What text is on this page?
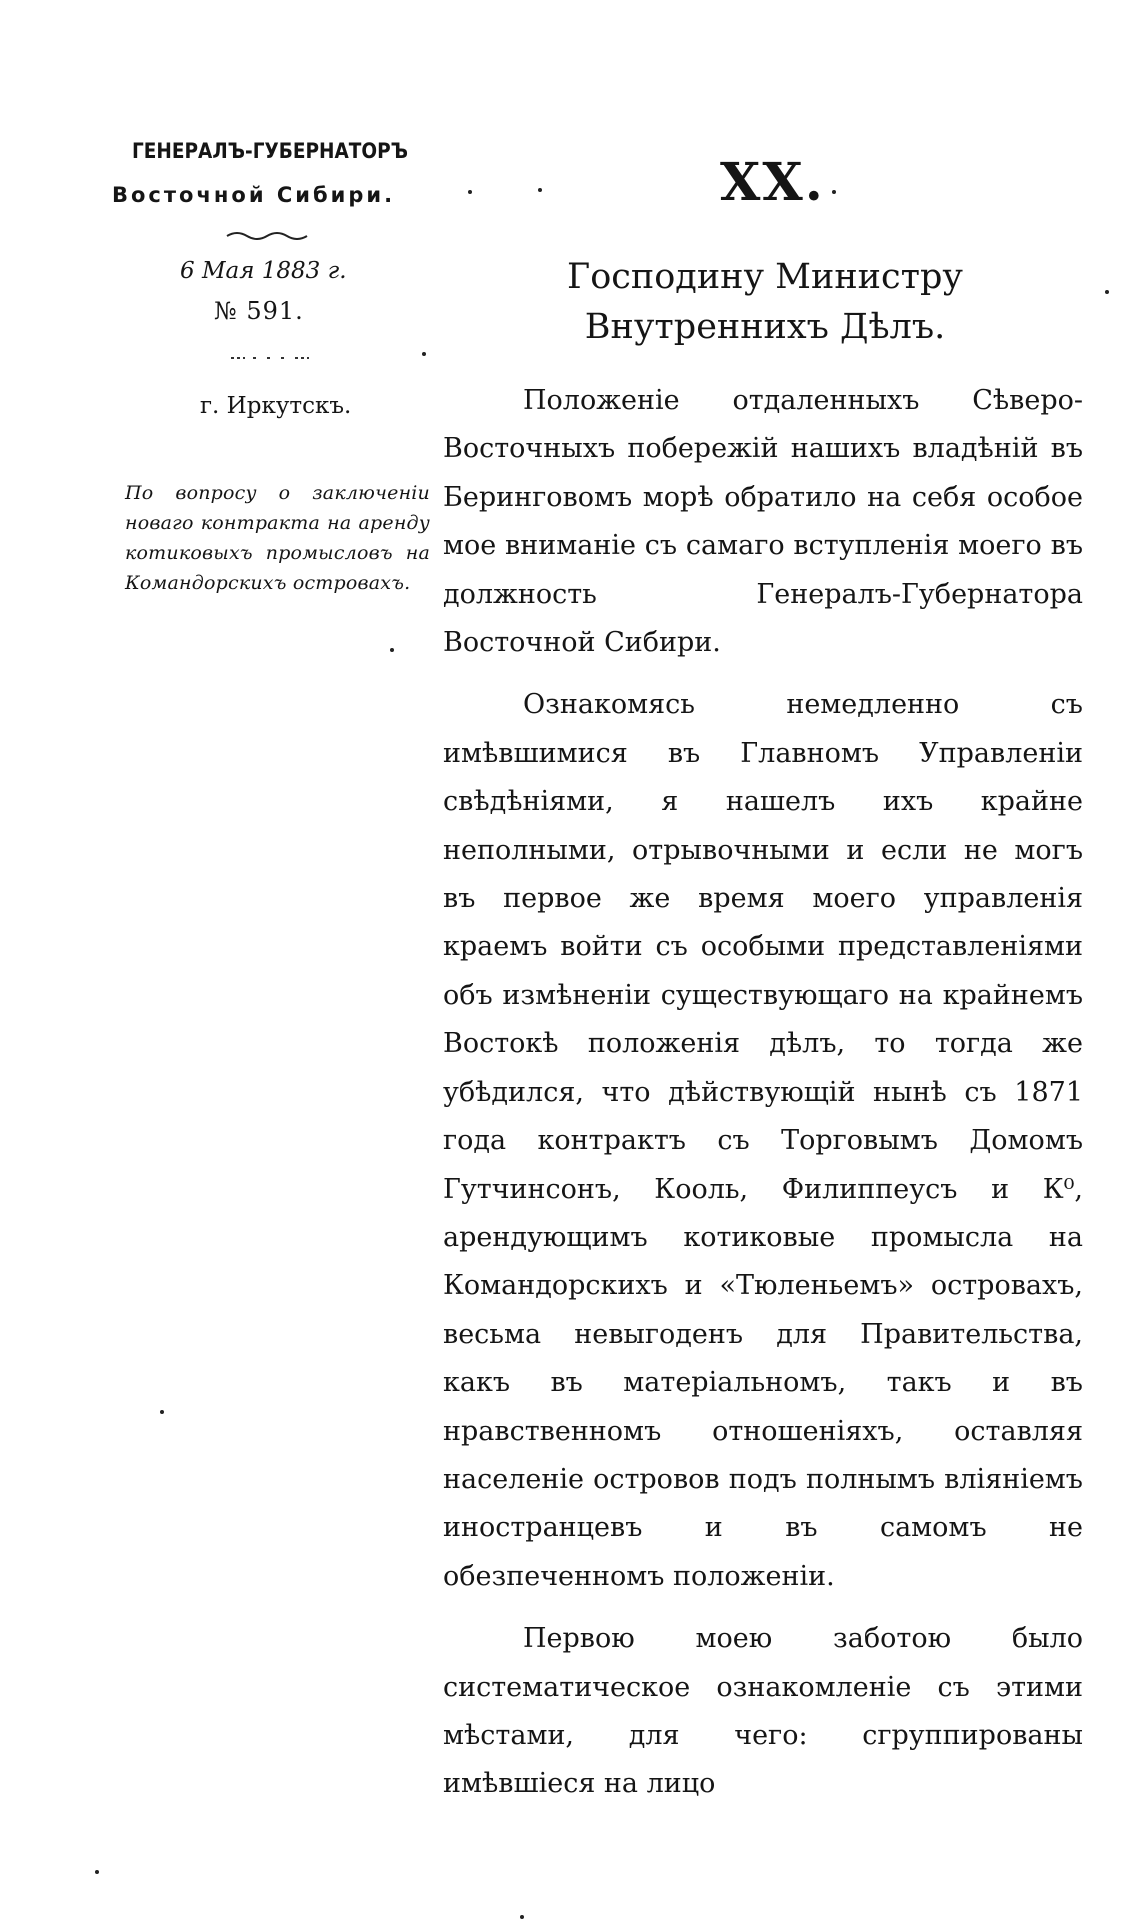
ГЕНЕРАЛЪ-ГУБЕРНАТОРЪ
Восточной Сибири.
6 Мая 1883 г.
№ 591.
г. Иркутскъ.
По вопросу о заключеніи новаго контракта на аренду котиковыхъ промысловъ на Командорскихъ островахъ.
XX.
Господину Министру Внутреннихъ Дѣлъ.

Положеніе отдаленныхъ Сѣверо-Восточныхъ побережій нашихъ владѣній въ Беринговомъ морѣ обратило на себя особое мое вниманіе съ самаго вступленія моего въ должность Генералъ-Губернатора Восточной Сибири.

Ознакомясь немедленно съ имѣвшимися въ Главномъ Управленіи свѣдѣніями, я нашелъ ихъ крайне неполными, отрывочными и если не могъ въ первое же время моего управленія краемъ войти съ особыми представленіями объ измѣненіи существующаго на крайнемъ Востокѣ положенія дѣлъ, то тогда же убѣдился, что дѣйствующій нынѣ съ 1871 года контрактъ съ Торговымъ Домомъ Гутчинсонъ, Кооль, Филиппеусъ и К⁰, арендующимъ котиковые промысла на Командорскихъ и «Тюленьемъ» островахъ, весьма невыгоденъ для Правительства, какъ въ матеріальномъ, такъ и въ нравственномъ отношеніяхъ, оставляя населеніе островов подъ полнымъ вліяніемъ иностранцевъ и въ самомъ не обезпеченномъ положеніи.

Первою моею заботою было систематическое ознакомленіе съ этими мѣстами, для чего: сгруппированы имѣвшіеся на лицо
